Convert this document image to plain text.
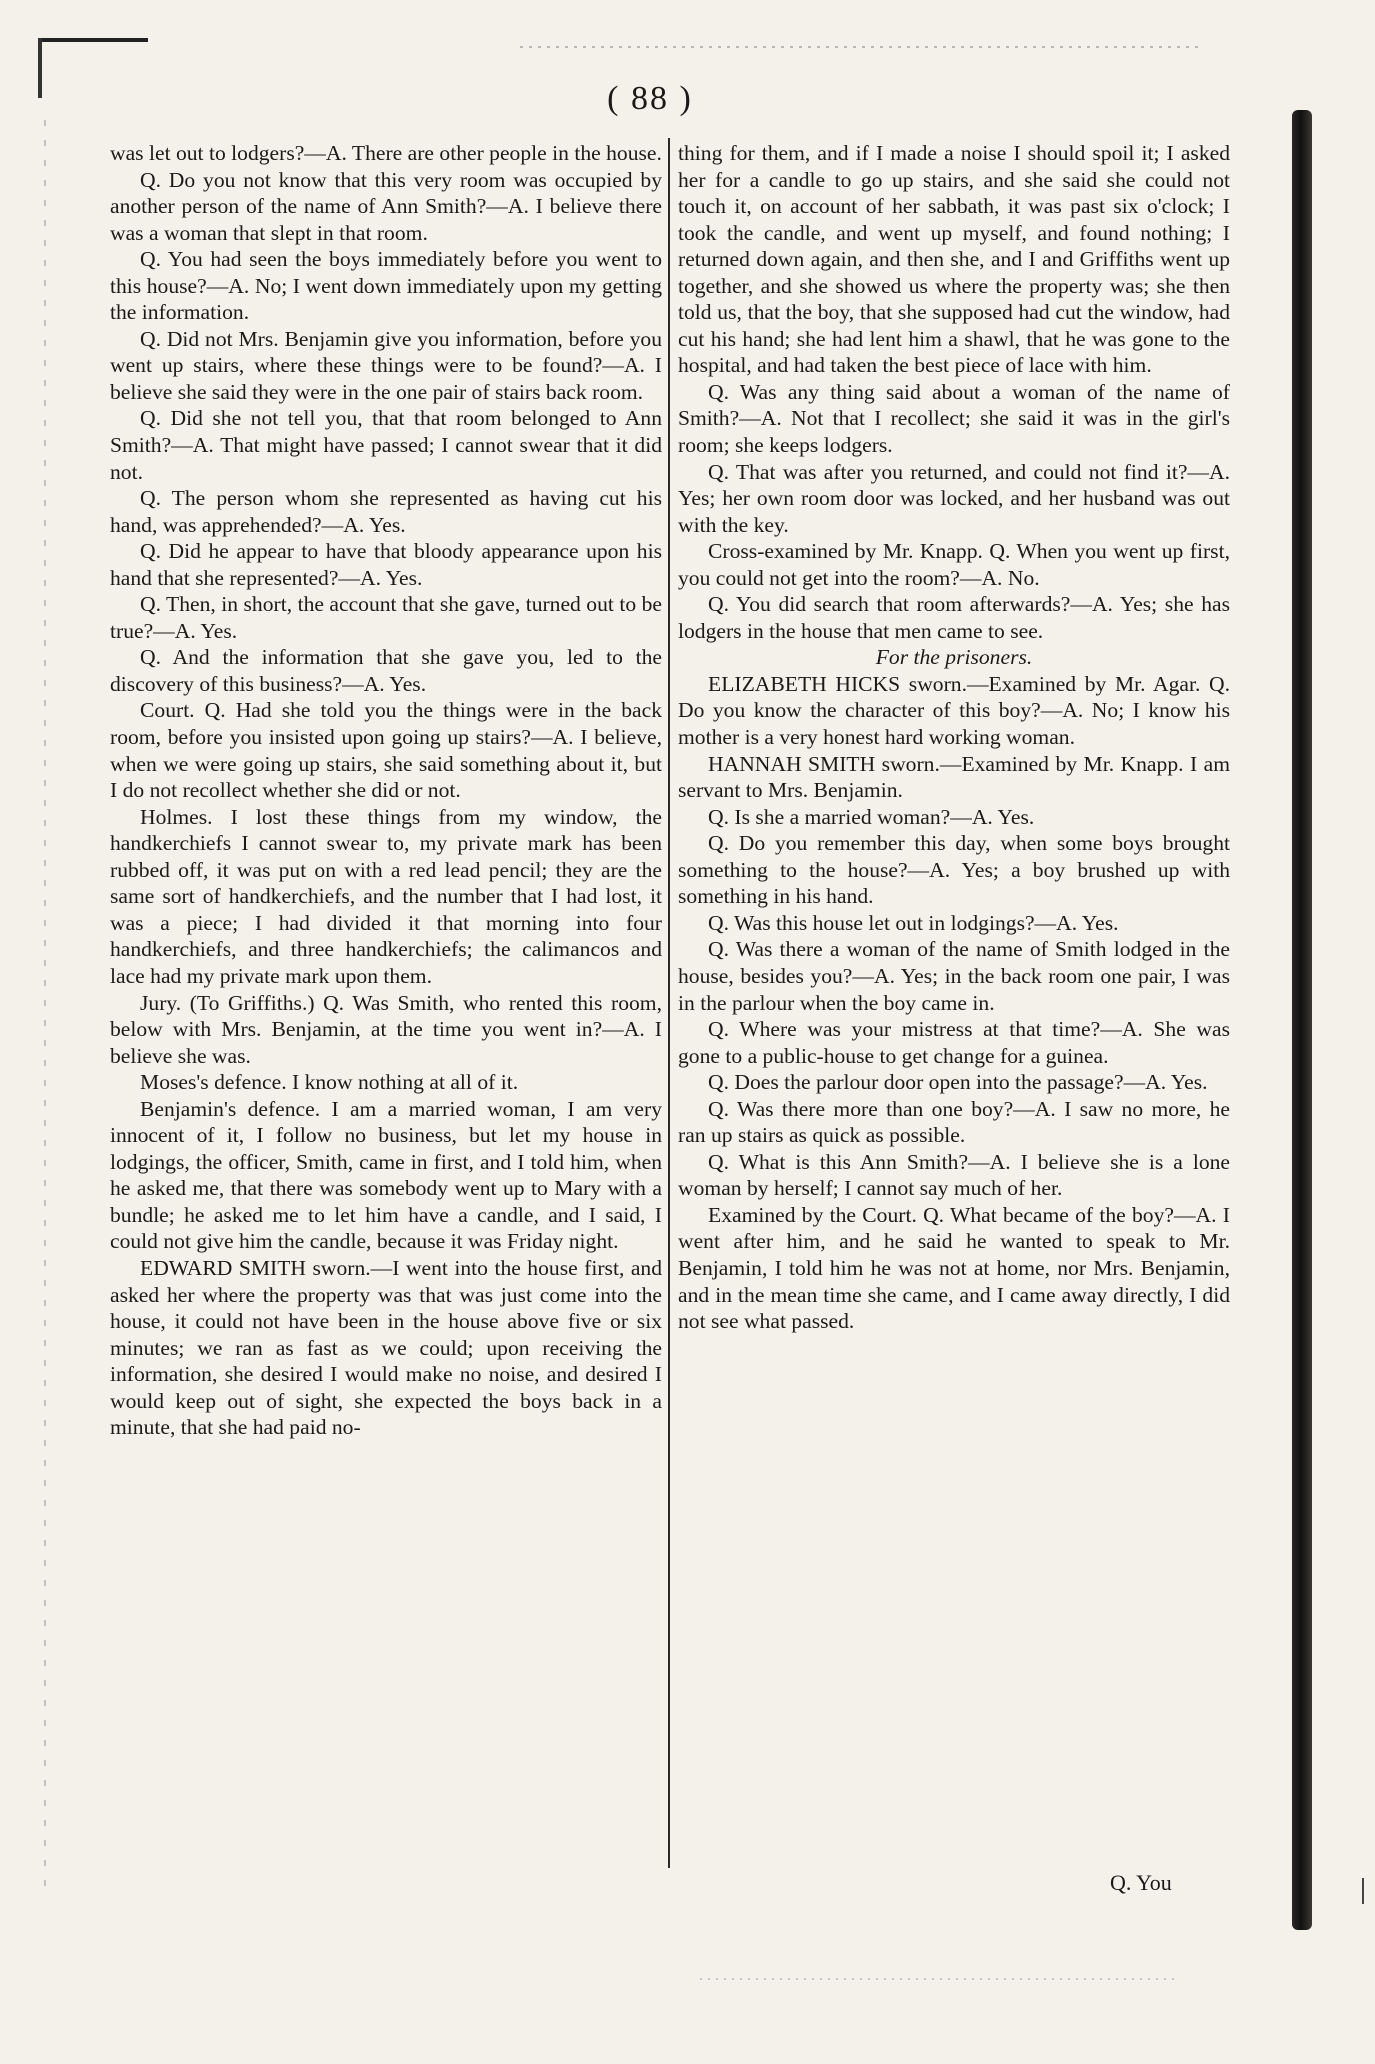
( 88 )

was let out to lodgers?—A. There are other people in the house.

Q. Do you not know that this very room was occupied by another person of the name of Ann Smith?—A. I believe there was a woman that slept in that room.

Q. You had seen the boys immediately before you went to this house?—A. No; I went down immediately upon my getting the information.

Q. Did not Mrs. Benjamin give you information, before you went up stairs, where these things were to be found?—A. I believe she said they were in the one pair of stairs back room.

Q. Did she not tell you, that that room belonged to Ann Smith?—A. That might have passed; I cannot swear that it did not.

Q. The person whom she represented as having cut his hand, was apprehended?—A. Yes.

Q. Did he appear to have that bloody appearance upon his hand that she represented?—A. Yes.

Q. Then, in short, the account that she gave, turned out to be true?—A. Yes.

Q. And the information that she gave you, led to the discovery of this business?—A. Yes.

Court. Q. Had she told you the things were in the back room, before you insisted upon going up stairs?—A. I believe, when we were going up stairs, she said something about it, but I do not recollect whether she did or not.

Holmes. I lost these things from my window, the handkerchiefs I cannot swear to, my private mark has been rubbed off, it was put on with a red lead pencil; they are the same sort of handkerchiefs, and the number that I had lost, it was a piece; I had divided it that morning into four handkerchiefs, and three handkerchiefs; the calimancos and lace had my private mark upon them.

Jury. (To Griffiths.) Q. Was Smith, who rented this room, below with Mrs. Benjamin, at the time you went in?—A. I believe she was.

Moses's defence. I know nothing at all of it.

Benjamin's defence. I am a married woman, I am very innocent of it, I follow no business, but let my house in lodgings, the officer, Smith, came in first, and I told him, when he asked me, that there was somebody went up to Mary with a bundle; he asked me to let him have a candle, and I said, I could not give him the candle, because it was Friday night.

EDWARD SMITH sworn.—I went into the house first, and asked her where the property was that was just come into the house, it could not have been in the house above five or six minutes; we ran as fast as we could; upon receiving the information, she desired I would make no noise, and desired I would keep out of sight, she expected the boys back in a minute, that she had paid no-

thing for them, and if I made a noise I should spoil it; I asked her for a candle to go up stairs, and she said she could not touch it, on account of her sabbath, it was past six o'clock; I took the candle, and went up myself, and found nothing; I returned down again, and then she, and I and Griffiths went up together, and she showed us where the property was; she then told us, that the boy, that she supposed had cut the window, had cut his hand; she had lent him a shawl, that he was gone to the hospital, and had taken the best piece of lace with him.

Q. Was any thing said about a woman of the name of Smith?—A. Not that I recollect; she said it was in the girl's room; she keeps lodgers.

Q. That was after you returned, and could not find it?—A. Yes; her own room door was locked, and her husband was out with the key.

Cross-examined by Mr. Knapp. Q. When you went up first, you could not get into the room?—A. No.

Q. You did search that room afterwards?—A. Yes; she has lodgers in the house that men came to see.

For the prisoners.

ELIZABETH HICKS sworn.—Examined by Mr. Agar. Q. Do you know the character of this boy?—A. No; I know his mother is a very honest hard working woman.

HANNAH SMITH sworn.—Examined by Mr. Knapp. I am servant to Mrs. Benjamin.

Q. Is she a married woman?—A. Yes.

Q. Do you remember this day, when some boys brought something to the house?—A. Yes; a boy brushed up with something in his hand.

Q. Was this house let out in lodgings?—A. Yes.

Q. Was there a woman of the name of Smith lodged in the house, besides you?—A. Yes; in the back room one pair, I was in the parlour when the boy came in.

Q. Where was your mistress at that time?—A. She was gone to a public-house to get change for a guinea.

Q. Does the parlour door open into the passage?—A. Yes.

Q. Was there more than one boy?—A. I saw no more, he ran up stairs as quick as possible.

Q. What is this Ann Smith?—A. I believe she is a lone woman by herself; I cannot say much of her.

Examined by the Court. Q. What became of the boy?—A. I went after him, and he said he wanted to speak to Mr. Benjamin, I told him he was not at home, nor Mrs. Benjamin, and in the mean time she came, and I came away directly, I did not see what passed.

Q. You
